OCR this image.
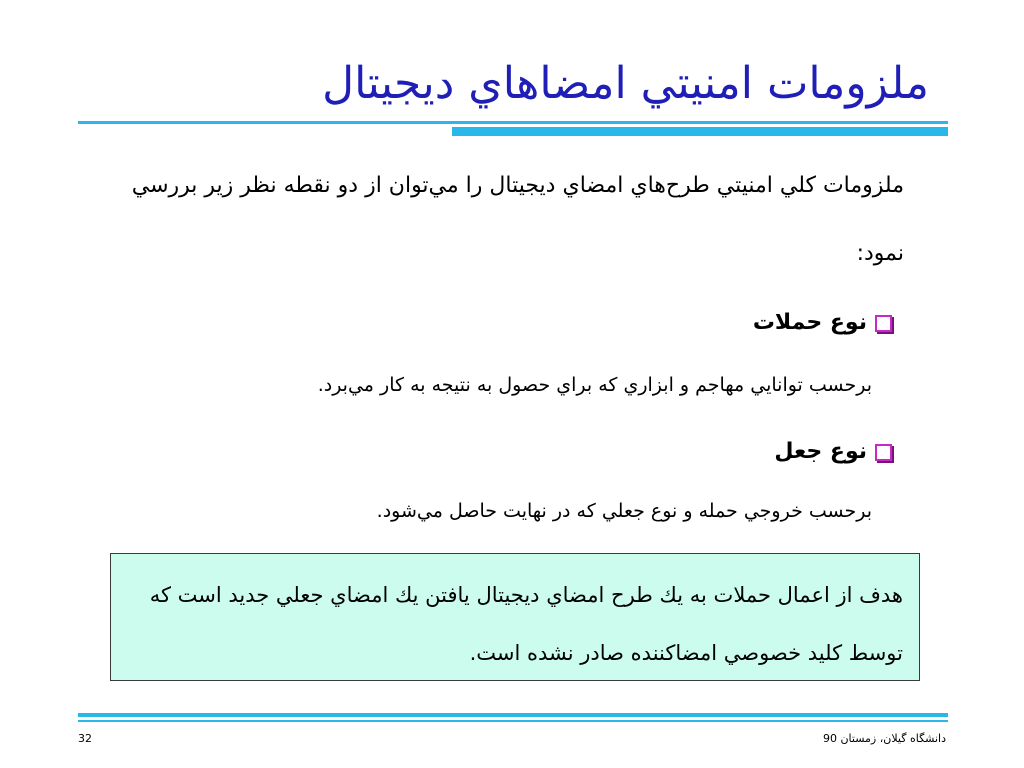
ملزومات امنيتي امضاهاي ديجيتال
ملزومات كلي امنيتي طرح‌هاي امضاي ديجيتال را مي‌توان از دو نقطه نظر زير بررسي نمود:
نوع حملات
برحسب توانايي مهاجم و ابزاري كه براي حصول به نتيجه به كار مي‌برد.
نوع جعل
برحسب خروجي حمله و نوع جعلي كه در نهايت حاصل مي‌شود.
هدف از اعمال حملات به يك طرح امضاي ديجيتال يافتن يك امضاي جعلي جديد است كه توسط كليد خصوصي امضاكننده صادر نشده است.
دانشگاه گيلان، زمستان 90
32
